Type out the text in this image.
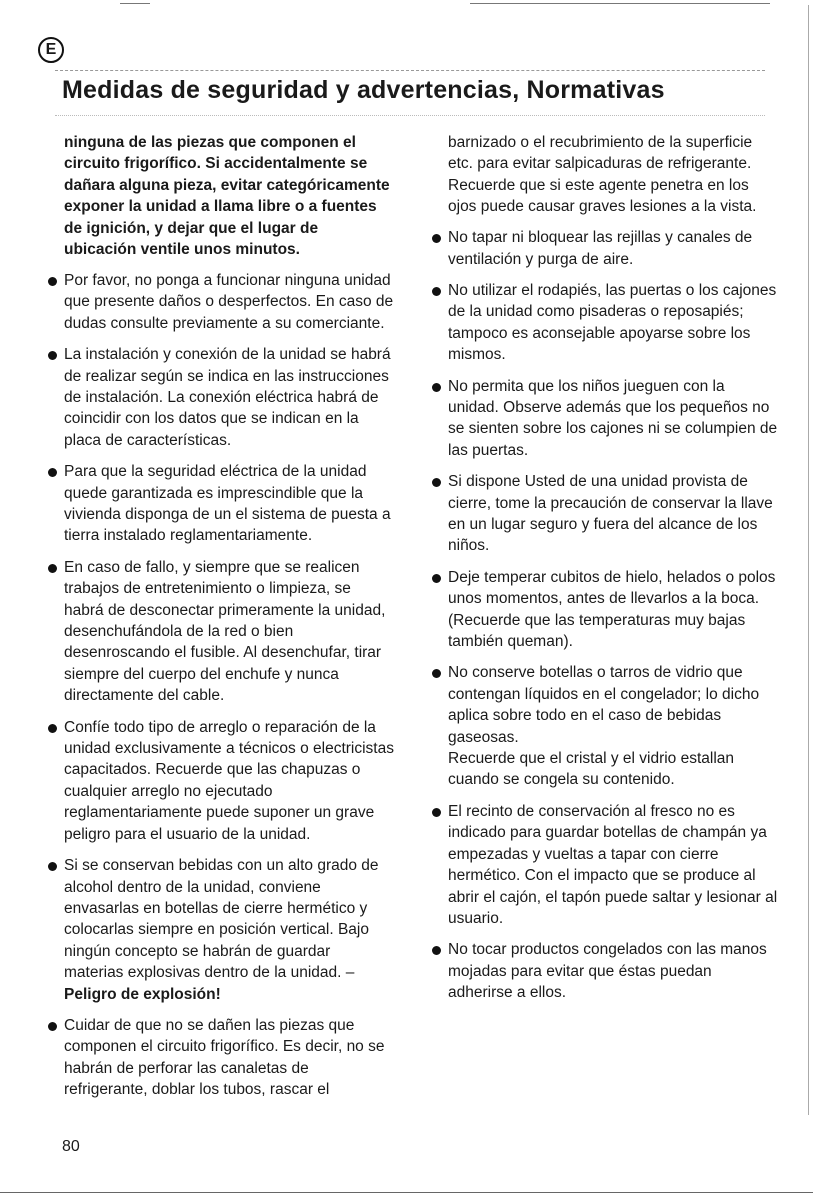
E
Medidas de seguridad y advertencias, Normativas

ninguna de las piezas que componen el circuito frigorífico. Si accidentalmente se dañara alguna pieza, evitar categóricamente exponer la unidad a llama libre o a fuentes de ignición, y dejar que el lugar de ubicación ventile unos minutos.

Por favor, no ponga a funcionar ninguna unidad que presente daños o desperfectos. En caso de dudas consulte previamente a su comerciante.
La instalación y conexión de la unidad se habrá de realizar según se indica en las instrucciones de instalación. La conexión eléctrica habrá de coincidir con los datos que se indican en la placa de características.
Para que la seguridad eléctrica de la unidad quede garantizada es imprescindible que la vivienda disponga de un el sistema de puesta a tierra instalado reglamentariamente.
En caso de fallo, y siempre que se realicen trabajos de entretenimiento o limpieza, se habrá de desconectar primeramente la unidad, desenchufándola de la red o bien desenroscando el fusible. Al desenchufar, tirar siempre del cuerpo del enchufe y nunca directamente del cable.
Confíe todo tipo de arreglo o reparación de la unidad exclusivamente a técnicos o electricistas capacitados. Recuerde que las chapuzas o cualquier arreglo no ejecutado reglamentariamente puede suponer un grave peligro para el usuario de la unidad.
Si se conservan bebidas con un alto grado de alcohol dentro de la unidad, conviene envasarlas en botellas de cierre hermético y colocarlas siempre en posición vertical. Bajo ningún concepto se habrán de guardar materias explosivas dentro de la unidad. – Peligro de explosión!
Cuidar de que no se dañen las piezas que componen el circuito frigorífico. Es decir, no se habrán de perforar las canaletas de refrigerante, doblar los tubos, rascar el

barnizado o el recubrimiento de la superficie etc. para evitar salpicaduras de refrigerante. Recuerde que si este agente penetra en los ojos puede causar graves lesiones a la vista.

No tapar ni bloquear las rejillas y canales de ventilación y purga de aire.
No utilizar el rodapiés, las puertas o los cajones de la unidad como pisaderas o reposapiés; tampoco es aconsejable apoyarse sobre los mismos.
No permita que los niños jueguen con la unidad. Observe además que los pequeños no se sienten sobre los cajones ni se columpien de las puertas.
Si dispone Usted de una unidad provista de cierre, tome la precaución de conservar la llave en un lugar seguro y fuera del alcance de los niños.
Deje temperar cubitos de hielo, helados o polos unos momentos, antes de llevarlos a la boca. (Recuerde que las temperaturas muy bajas también queman).
No conserve botellas o tarros de vidrio que contengan líquidos en el congelador; lo dicho aplica sobre todo en el caso de bebidas gaseosas.
Recuerde que el cristal y el vidrio estallan cuando se congela su contenido.
El recinto de conservación al fresco no es indicado para guardar botellas de champán ya empezadas y vueltas a tapar con cierre hermético. Con el impacto que se produce al abrir el cajón, el tapón puede saltar y lesionar al usuario.
No tocar productos congelados con las manos mojadas para evitar que éstas puedan adherirse a ellos.
80
